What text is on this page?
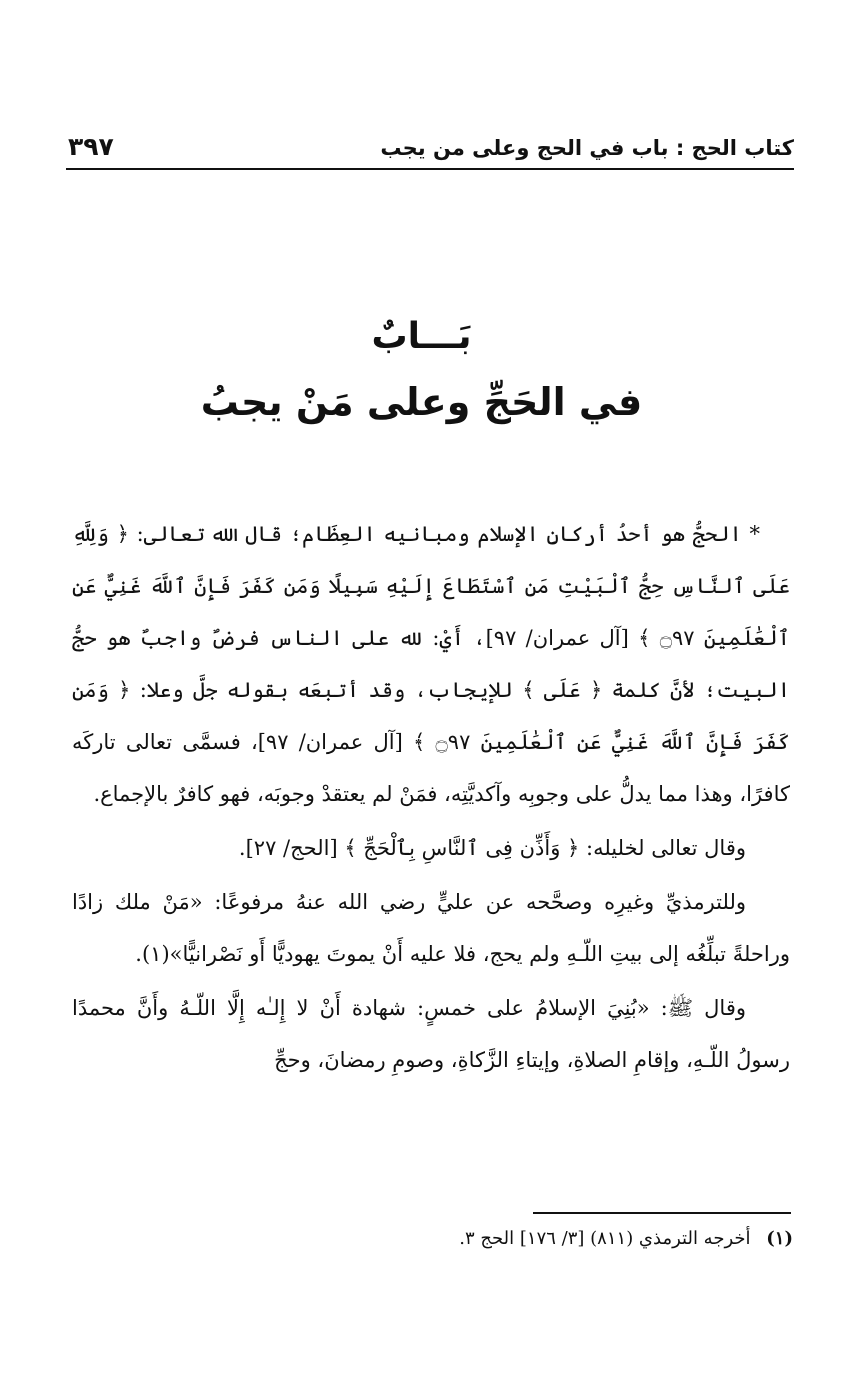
كتاب الحج : باب في الحج وعلى من يجب
٣٩٧
بَـــابٌ
في الحَجِّ وعلى مَنْ يجبُ

* الحجُّ هو أحدُ أركانِ الإسلام ومبانيه العِظَام؛ قال الله تعالى: ﴿ وَلِلَّهِ عَلَى ٱلنَّاسِ حِجُّ ٱلْبَيْتِ مَنِ ٱسْتَطَاعَ إِلَيْهِ سَبِيلًا وَمَن كَفَرَ فَإِنَّ ٱللَّهَ غَنِيٌّ عَنِ ٱلْعَٰلَمِينَ ۝٩٧ ﴾ [آل عمران/ ٩٧]، أَيْ: لله على الناس فرضٌ واجبٌ هو حجُّ البيت؛ لأنَّ كلمة ﴿ عَلَى ﴾ للإيجاب، وقد أتبعَه بقوله جلَّ وعلا: ﴿ وَمَن كَفَرَ فَإِنَّ ٱللَّهَ غَنِيٌّ عَنِ ٱلْعَٰلَمِينَ ۝٩٧ ﴾ [آل عمران/ ٩٧]، فسمَّى تعالى تاركَه كافرًا، وهذا مما يدلُّ على وجوبِه وآكديَّتِه، فمَنْ لم يعتقدْ وجوبَه، فهو كافرٌ بالإجماع.

وقال تعالى لخليله: ﴿ وَأَذِّن فِى ٱلنَّاسِ بِٱلْحَجِّ ﴾ [الحج/ ٢٧].

وللترمذيِّ وغيرِه وصحَّحه عن عليٍّ رضي الله عنهُ مرفوعًا: «مَنْ ملك زادًا وراحلةً تبلِّغُه إلى بيتِ اللّـهِ ولم يحج، فلا عليه أَنْ يموتَ يهوديًّا أَو نَصْرانيًّا»(١).

وقال ﷺ: «بُنِيَ الإسلامُ على خمسٍ: شهادة أَنْ لا إِلـٰه إِلَّا اللّـهُ وأَنَّ محمدًا رسولُ اللّـهِ، وإقامِ الصلاةِ، وإيتاءِ الزَّكاةِ، وصومِ رمضانَ، وحجِّ

(١) أخرجه الترمذي (٨١١) [٣/ ١٧٦] الحج ٣.
